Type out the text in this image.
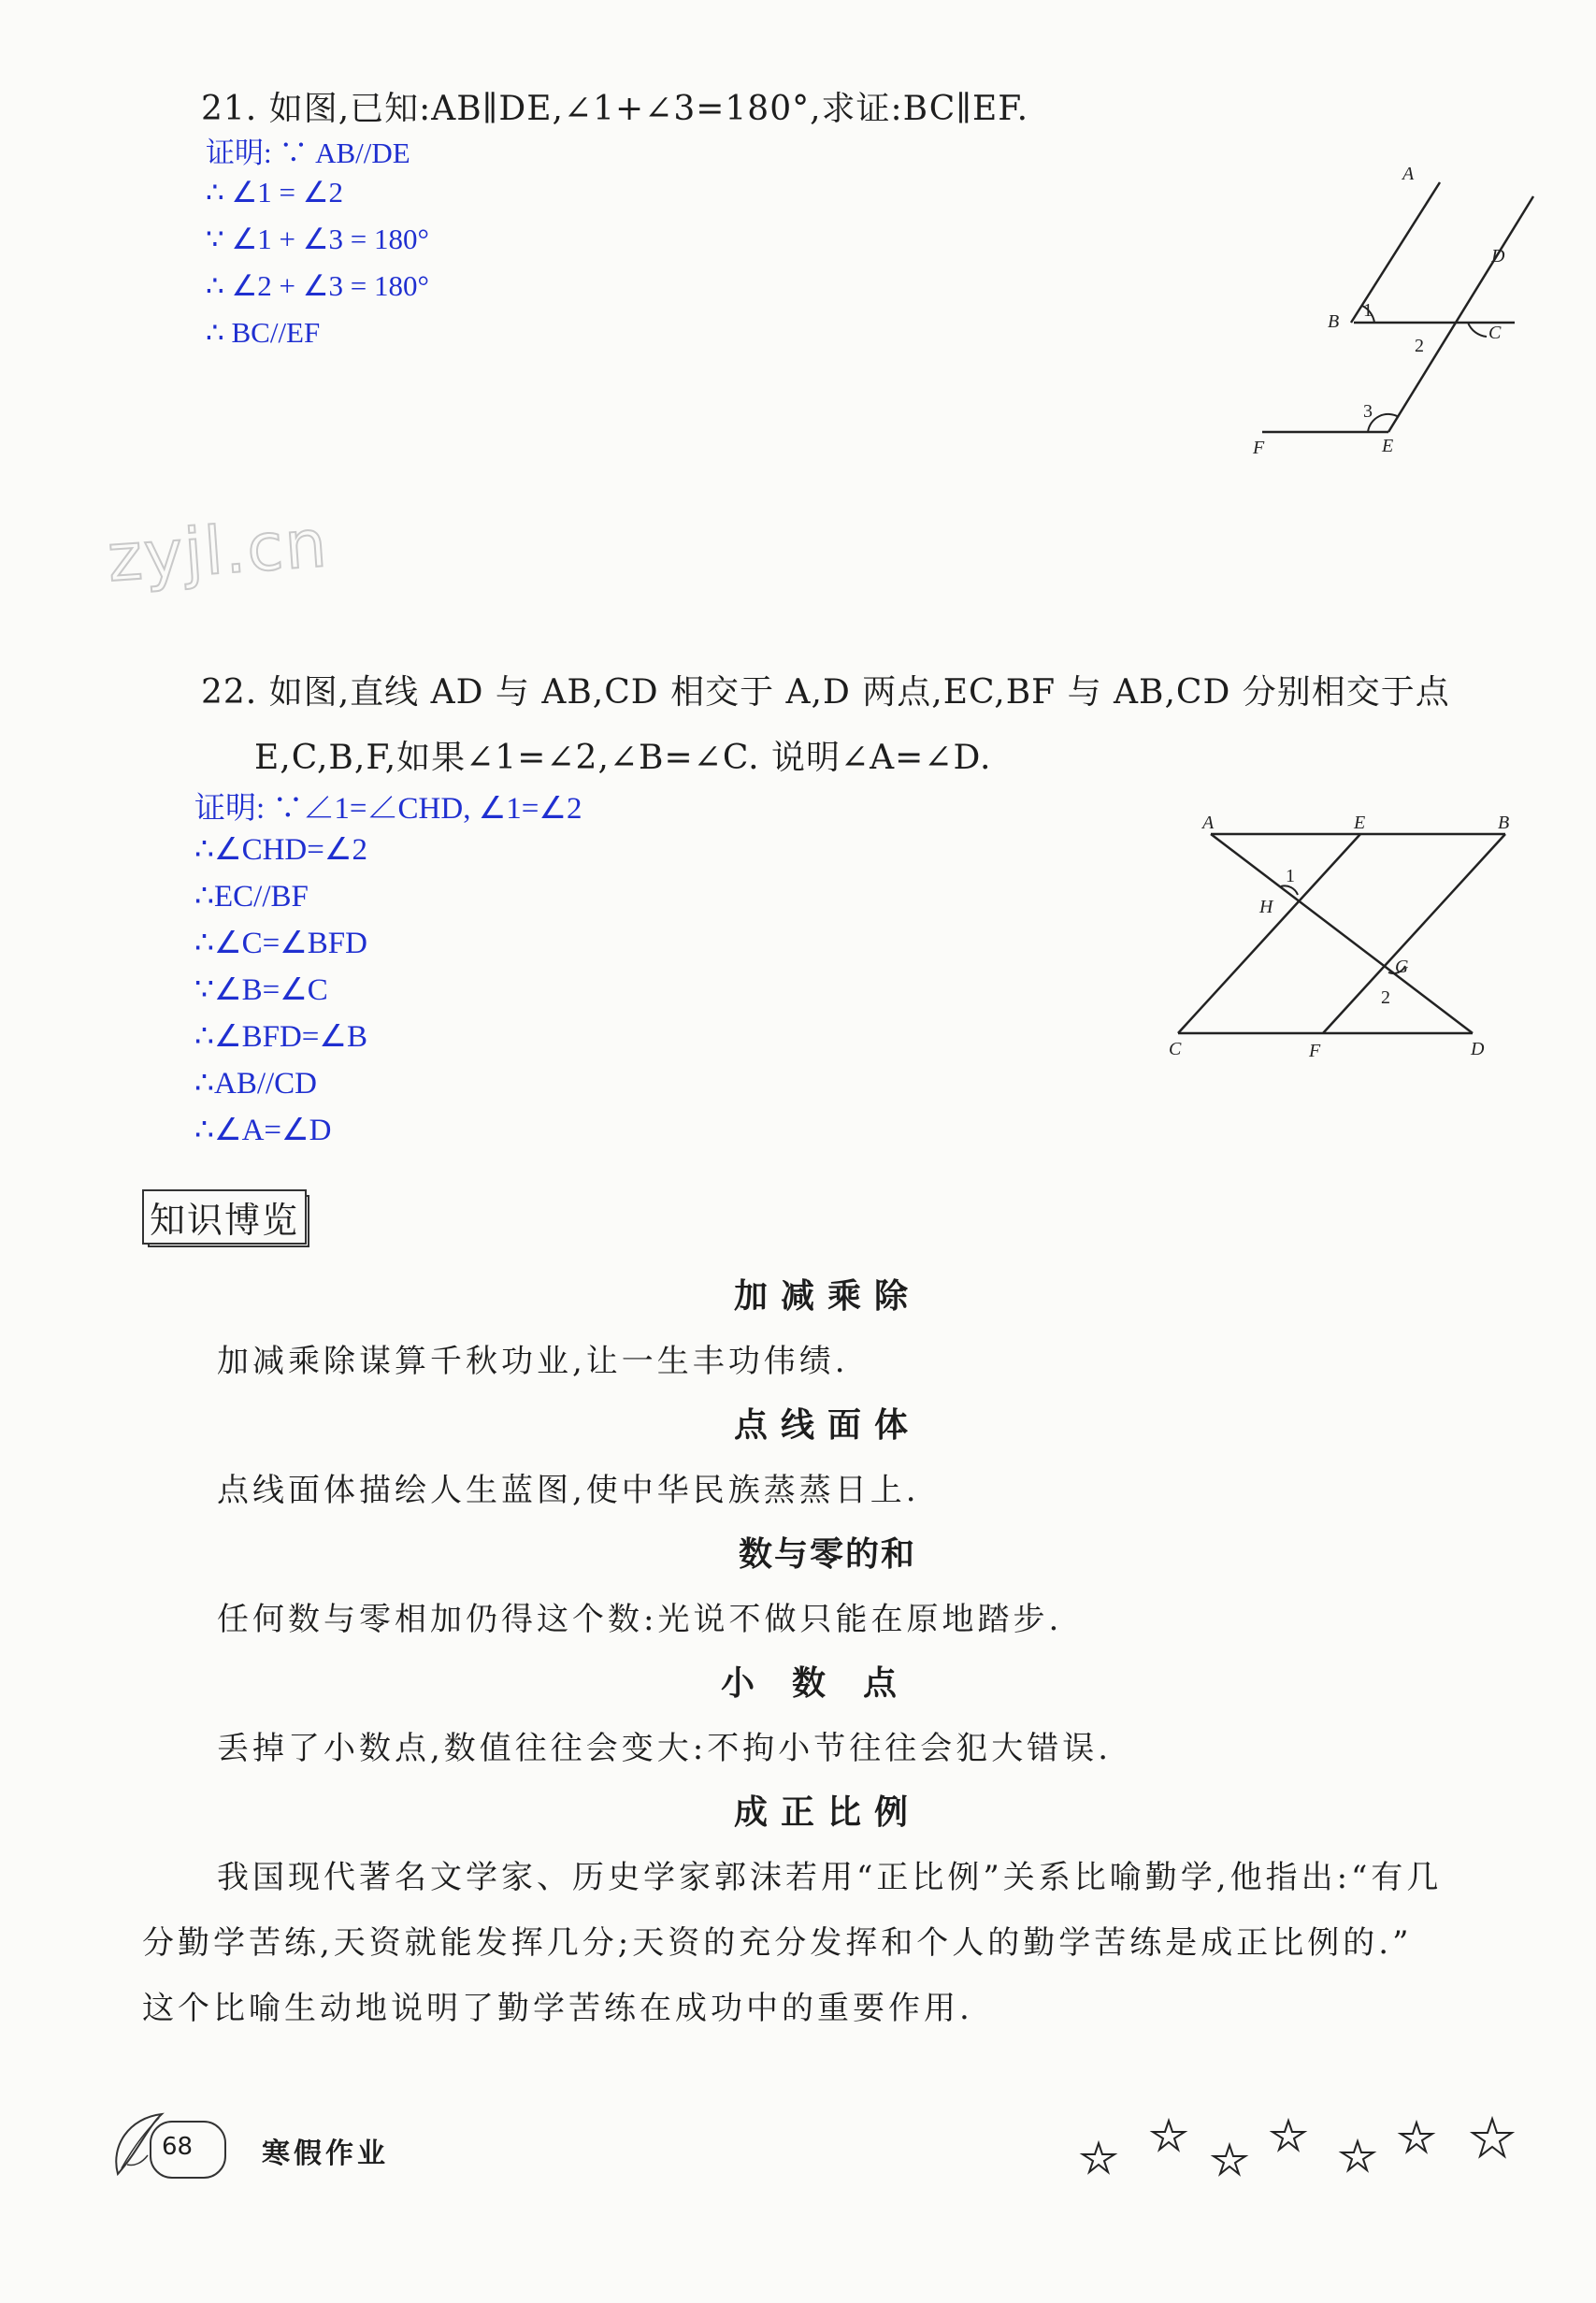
21. 如图,已知:AB∥DE,∠1+∠3=180°,求证:BC∥EF.
证明: ∵ AB//DE
∴ ∠1 = ∠2
∵ ∠1 + ∠3 = 180°
∴ ∠2 + ∠3 = 180°
∴ BC//EF
A
B
C
D
E
F
1
2
3
zyjl.cn
22. 如图,直线 AD 与 AB,CD 相交于 A,D 两点,EC,BF 与 AB,CD 分别相交于点
E,C,B,F,如果∠1=∠2,∠B=∠C. 说明∠A=∠D.
证明: ∵∠1=∠CHD, ∠1=∠2
∴∠CHD=∠2
∴EC//BF
∴∠C=∠BFD
∵∠B=∠C
∴∠BFD=∠B
∴AB//CD
∴∠A=∠D
A	E	B
H
G
C	F	D
1
2
知识博览
加减乘除
加减乘除谋算千秋功业,让一生丰功伟绩.
点线面体
点线面体描绘人生蓝图,使中华民族蒸蒸日上.
数与零的和
任何数与零相加仍得这个数:光说不做只能在原地踏步.
小数点
丢掉了小数点,数值往往会变大:不拘小节往往会犯大错误.
成正比例
我国现代著名文学家、历史学家郭沫若用“正比例”关系比喻勤学,他指出:“有几
分勤学苦练,天资就能发挥几分;天资的充分发挥和个人的勤学苦练是成正比例的.”
这个比喻生动地说明了勤学苦练在成功中的重要作用.
68 寒假作业
